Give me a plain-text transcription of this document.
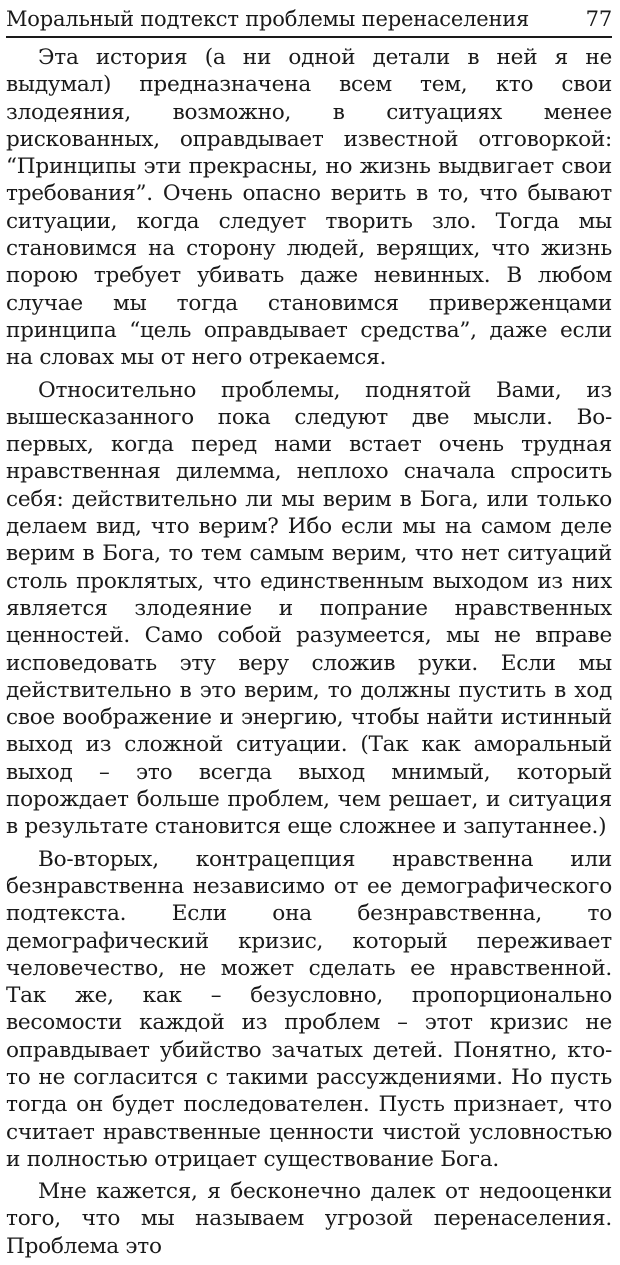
Моральный подтекст проблемы перенаселения	77

Эта история (а ни одной детали в ней я не выдумал) предназначена всем тем, кто свои злодеяния, возможно, в ситуациях менее рискованных, оправдывает известной отговоркой: “Принципы эти прекрасны, но жизнь выдвигает свои требования”. Очень опасно верить в то, что бывают ситуации, когда следует творить зло. Тогда мы становимся на сторону людей, верящих, что жизнь порою требует убивать даже невинных. В любом случае мы тогда становимся приверженцами принципа “цель оправдывает средства”, даже если на словах мы от него отрекаемся.

Относительно проблемы, поднятой Вами, из вышесказанного пока следуют две мысли. Во-первых, когда перед нами встает очень трудная нравственная дилемма, неплохо сначала спросить себя: действительно ли мы верим в Бога, или только делаем вид, что верим? Ибо если мы на самом деле верим в Бога, то тем самым верим, что нет ситуаций столь проклятых, что единственным выходом из них является злодеяние и попрание нравственных ценностей. Само собой разумеется, мы не вправе исповедовать эту веру сложив руки. Если мы действительно в это верим, то должны пустить в ход свое воображение и энергию, чтобы найти истинный выход из сложной ситуации. (Так как аморальный выход – это всегда выход мнимый, который порождает больше проблем, чем решает, и ситуация в результате становится еще сложнее и запутаннее.)

Во-вторых, контрацепция нравственна или безнравственна независимо от ее демографического подтекста. Если она безнравственна, то демографический кризис, который переживает человечество, не может сделать ее нравственной. Так же, как – безусловно, пропорционально весомости каждой из проблем – этот кризис не оправдывает убийство зачатых детей. Понятно, кто-то не согласится с такими рассуждениями. Но пусть тогда он будет последователен. Пусть признает, что считает нравственные ценности чистой условностью и полностью отрицает существование Бога.

Мне кажется, я бесконечно далек от недооценки того, что мы называем угрозой перенаселения. Проблема это
